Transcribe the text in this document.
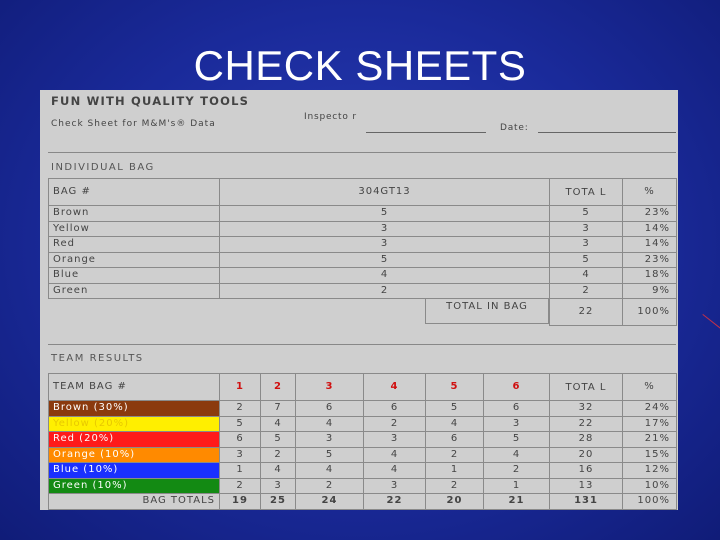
CHECK SHEETS
FUN WITH QUALITY TOOLS
Check Sheet for M&M's® Data
Inspecto r
Date:
INDIVIDUAL BAG
BAG #	304GT13	TOTA L	%
Brown	5	5	23%
Yellow	3	3	14%
Red	3	3	14%
Orange	5	5	23%
Blue	4	4	18%
Green	2	2	9%

	TOTAL IN BAG	22	100%
TEAM RESULTS
TEAM BAG #	1	2	3	4	5	6	TOTA L	%
Brown (30%)	2	7	6	6	5	6	32	24%
Yellow (20%)	5	4	4	2	4	3	22	17%
Red (20%)	6	5	3	3	6	5	28	21%
Orange (10%)	3	2	5	4	2	4	20	15%
Blue (10%)	1	4	4	4	1	2	16	12%
Green (10%)	2	3	2	3	2	1	13	10%
BAG TOTALS	19	25	24	22	20	21	131	100%
